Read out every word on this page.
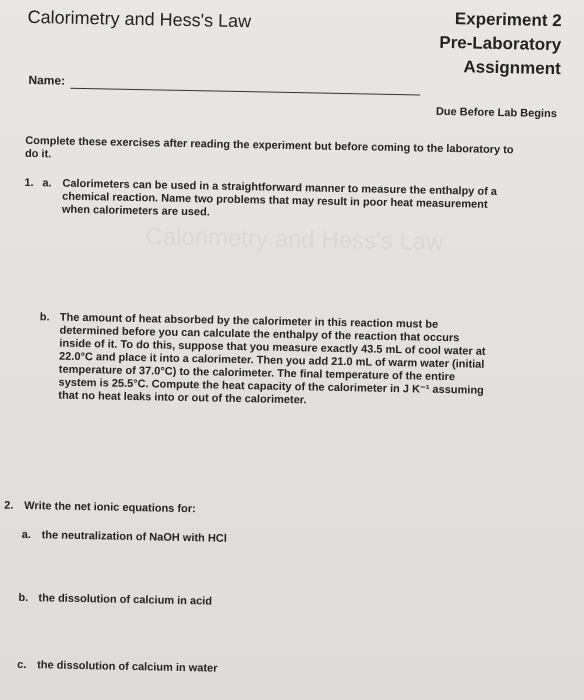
Calorimetry and Hess's Law
Calorimetry and Hess's Law	Experiment 2
Pre-Laboratory
Assignment
Name:
Due Before Lab Begins
Complete these exercises after reading the experiment but before coming to the laboratory to do it.
1. a. Calorimeters can be used in a straightforward manner to measure the enthalpy of a chemical reaction. Name two problems that may result in poor heat measurement when calorimeters are used.
b. The amount of heat absorbed by the calorimeter in this reaction must be determined before you can calculate the enthalpy of the reaction that occurs inside of it. To do this, suppose that you measure exactly 43.5 mL of cool water at 22.0°C and place it into a calorimeter. Then you add 21.0 mL of warm water (initial temperature of 37.0°C) to the calorimeter. The final temperature of the entire system is 25.5°C. Compute the heat capacity of the calorimeter in J K⁻¹ assuming that no heat leaks into or out of the calorimeter.
2. Write the net ionic equations for:
a. the neutralization of NaOH with HCl
b. the dissolution of calcium in acid
c. the dissolution of calcium in water
